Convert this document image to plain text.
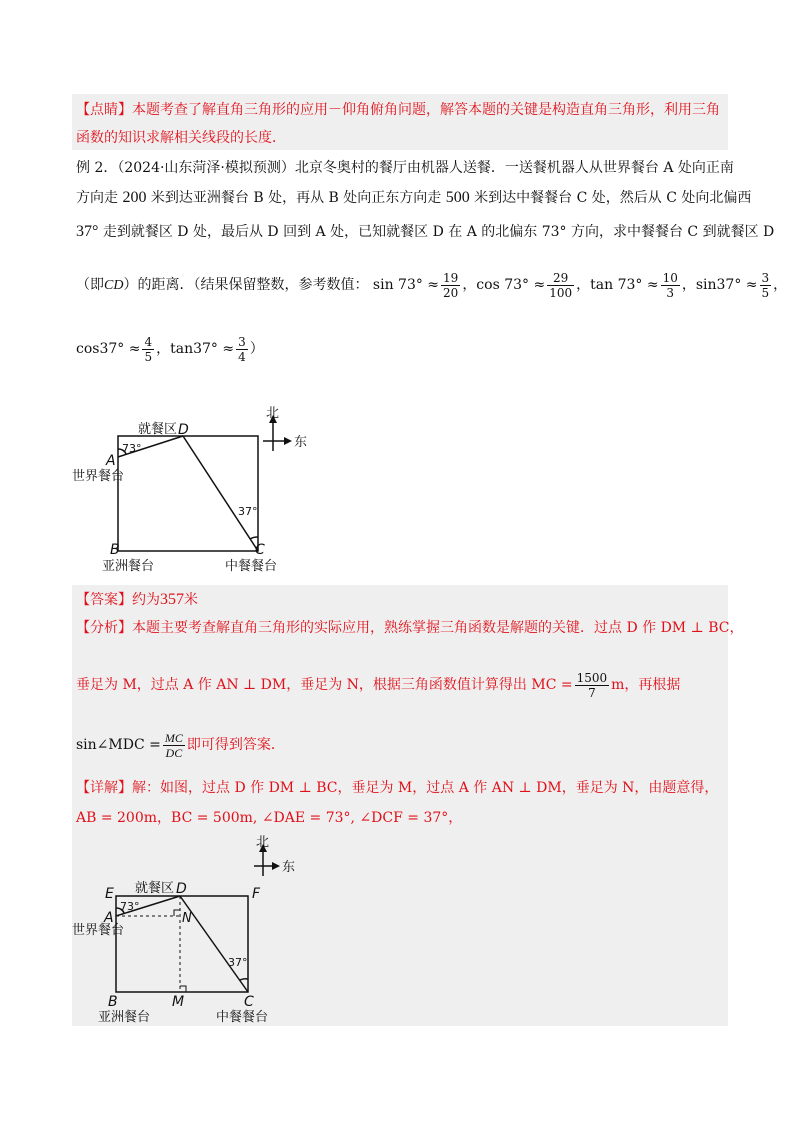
【点睛】本题考查了解直角三角形的应用－仰角俯角问题，解答本题的关键是构造直角三角形，利用三角
函数的知识求解相关线段的长度．
例 2．（2024·山东菏泽·模拟预测）北京冬奥村的餐厅由机器人送餐．一送餐机器人从世界餐台 A 处向正南
方向走 200 米到达亚洲餐台 B 处，再从 B 处向正东方向走 500 米到达中餐餐台 C 处，然后从 C 处向北偏西
37° 走到就餐区 D 处，最后从 D 回到 A 处，已知就餐区 D 在 A 的北偏东 73° 方向，求中餐餐台 C 到就餐区 D
（即CD）的距离．（结果保留整数，参考数值： $\sin 73^\circ \approx \frac{19}{20}$ ，$\cos 73^\circ \approx \frac{29}{100}$ ，$\tan 73^\circ \approx \frac{10}{3}$ ，$\sin 37^\circ \approx \frac{3}{5}$ ，
$\cos 37^\circ \approx \frac{4}{5}$ ，$\tan 37^\circ \approx \frac{3}{4}$ ）
北
东
就餐区 D
73°
A
世界餐台
37°
B	C
亚洲餐台	中餐餐台
【答案】约为357米
【分析】本题主要考查解直角三角形的实际应用，熟练掌握三角函数是解题的关键．过点 D 作 DM ⊥ BC，
垂足为 M，过点 A 作 AN ⊥ DM，垂足为 N，根据三角函数值计算得出 MC = $\frac{1500}{7}$ m，再根据
sin∠MDC = $\frac{MC}{DC}$ 即可得到答案．
【详解】解：如图，过点 D 作 DM ⊥ BC，垂足为 M，过点 A 作 AN ⊥ DM，垂足为 N，由题意得，
AB = 200m，BC = 500m, ∠DAE = 73°, ∠DCF = 37°，
北
东
就餐区 D
E	F
73°
A	N
世界餐台
37°
B	M	C
亚洲餐台	中餐餐台
